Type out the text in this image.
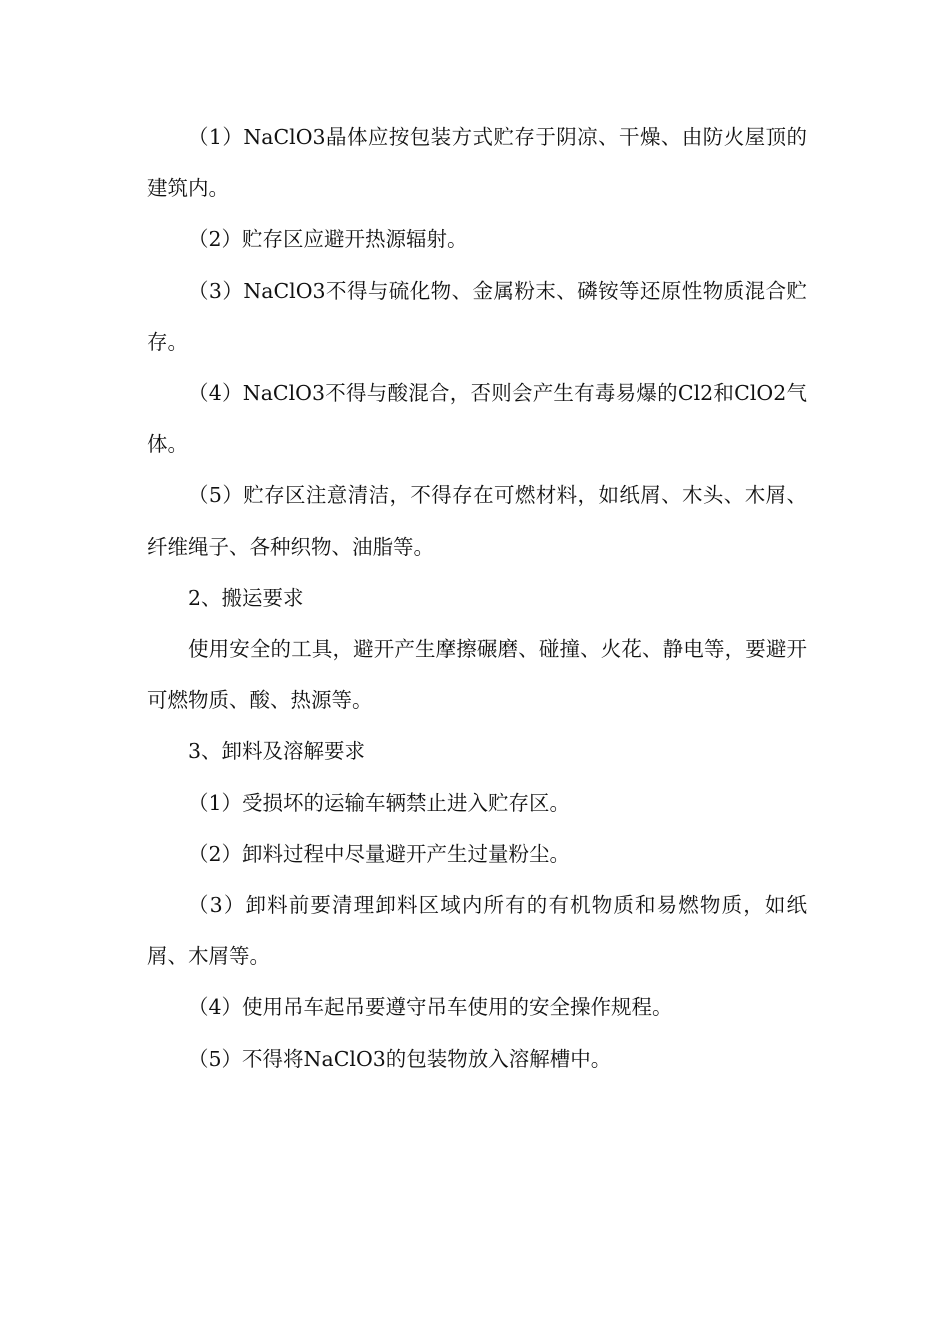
（1）NaClO3晶体应按包装方式贮存于阴凉、干燥、由防火屋顶的建筑内。

（2）贮存区应避开热源辐射。

（3）NaClO3不得与硫化物、金属粉末、磷铵等还原性物质混合贮存。

（4）NaClO3不得与酸混合，否则会产生有毒易爆的Cl2和ClO2气体。

（5）贮存区注意清洁，不得存在可燃材料，如纸屑、木头、木屑、纤维绳子、各种织物、油脂等。

2、搬运要求

使用安全的工具，避开产生摩擦碾磨、碰撞、火花、静电等，要避开可燃物质、酸、热源等。

3、卸料及溶解要求

（1）受损坏的运输车辆禁止进入贮存区。

（2）卸料过程中尽量避开产生过量粉尘。

（3）卸料前要清理卸料区域内所有的有机物质和易燃物质，如纸屑、木屑等。

（4）使用吊车起吊要遵守吊车使用的安全操作规程。

（5）不得将NaClO3的包装物放入溶解槽中。
